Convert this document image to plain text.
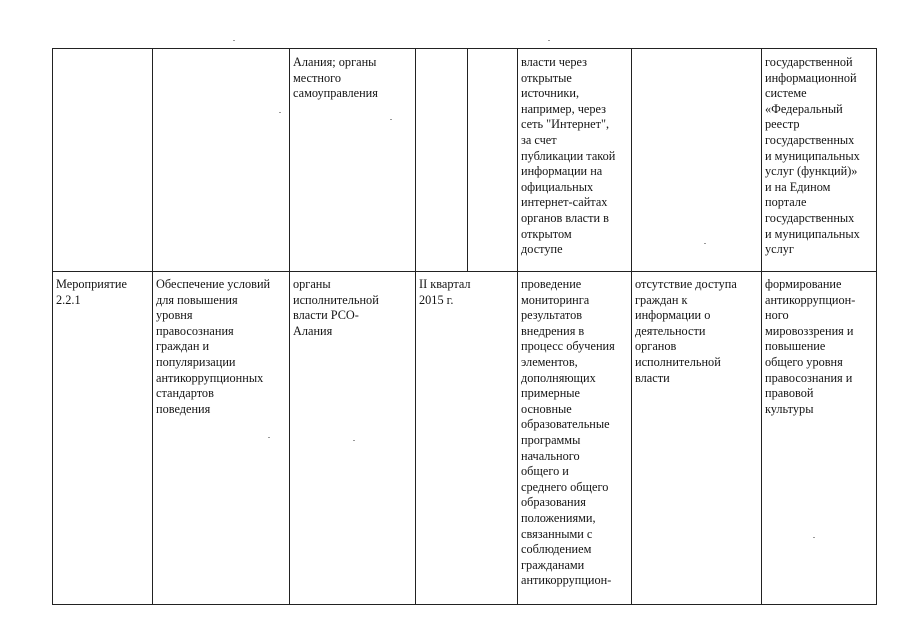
Алания; органы
местного
самоуправления
власти через
открытые
источники,
например, через
сеть "Интернет",
за счет
публикации такой
информации на
официальных
интернет-сайтах
органов власти в
открытом
доступе
государственной
информационной
системе
«Федеральный
реестр
государственных
и муниципальных
услуг (функций)»
и на Едином
портале
государственных
и муниципальных
услуг
Мероприятие
2.2.1
Обеспечение условий
для повышения
уровня
правосознания
граждан и
популяризации
антикоррупционных
стандартов
поведения
органы
исполнительной
власти РСО-
Алания
II квартал
2015 г.
проведение
мониторинга
результатов
внедрения в
процесс обучения
элементов,
дополняющих
примерные
основные
образовательные
программы
начального
общего и
среднего общего
образования
положениями,
связанными с
соблюдением
гражданами
антикоррупцион-
отсутствие доступа
граждан к
информации о
деятельности
органов
исполнительной
власти
формирование
антикоррупцион-
ного
мировоззрения и
повышение
общего уровня
правосознания и
правовой
культуры
